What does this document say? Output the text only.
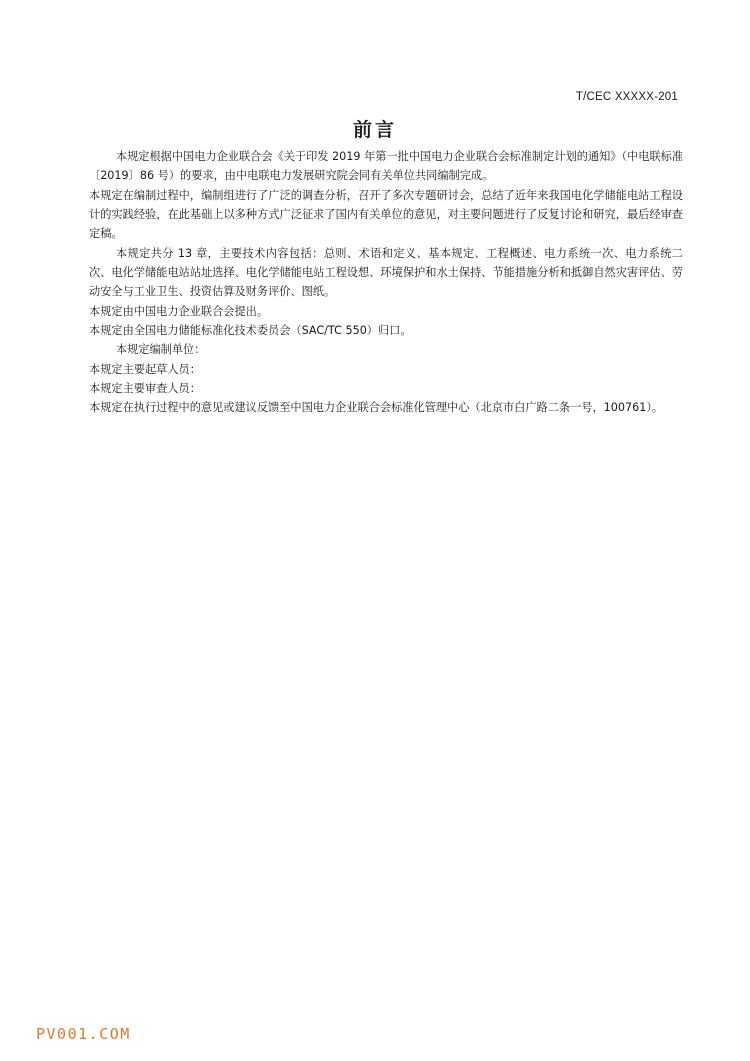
T/CEC XXXXX-201
前言

本规定根据中国电力企业联合会《关于印发 2019 年第一批中国电力企业联合会标准制定计划的通知》（中电联标准〔2019〕86 号）的要求，由中电联电力发展研究院会同有关单位共同编制完成。

本规定在编制过程中，编制组进行了广泛的调查分析，召开了多次专题研讨会，总结了近年来我国电化学储能电站工程设计的实践经验，在此基础上以多种方式广泛征求了国内有关单位的意见，对主要问题进行了反复讨论和研究，最后经审查定稿。

本规定共分 13 章，主要技术内容包括：总则、术语和定义、基本规定、工程概述、电力系统一次、电力系统二次、电化学储能电站站址选择、电化学储能电站工程设想、环境保护和水土保持、节能措施分析和抵御自然灾害评估、劳动安全与工业卫生、投资估算及财务评价、图纸。

本规定由中国电力企业联合会提出。

本规定由全国电力储能标准化技术委员会（SAC/TC 550）归口。

本规定编制单位：

本规定主要起草人员：

本规定主要审查人员：

本规定在执行过程中的意见或建议反馈至中国电力企业联合会标准化管理中心（北京市白广路二条一号，100761）。

PV001.COM
